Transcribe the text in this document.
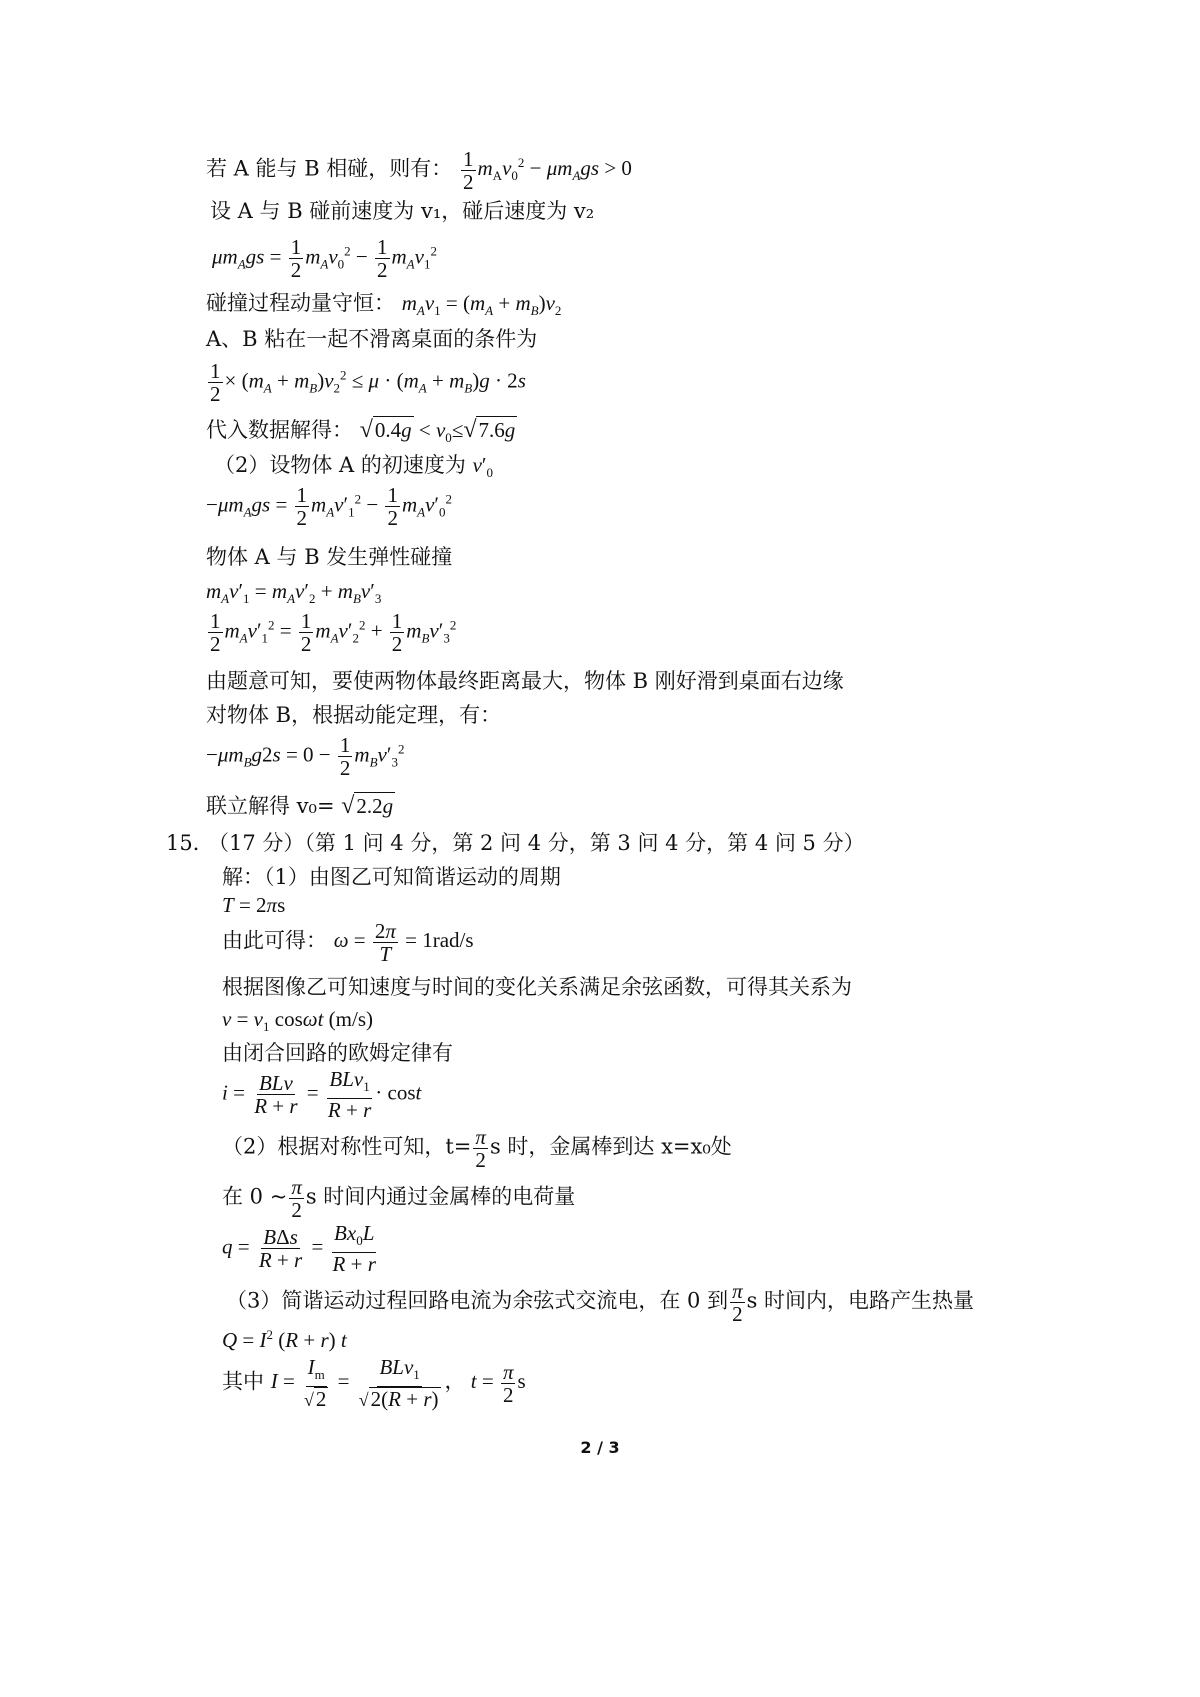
若 A 能与 B 相碰，则有： $\frac{1}{2} m_Av_0^2 - \mu m_Ags > 0$
设 A 与 B 碰前速度为 v₁，碰后速度为 v₂
$\mu m_Ags = \frac{1}{2} m_Av_0^2 - \frac{1}{2} m_Av_1^2$
碰撞过程动量守恒： $m_Av_1 = (m_A + m_B)v_2$
A、B 粘在一起不滑离桌面的条件为
$\frac{1}{2} \times (m_A + m_B)v_2^2 \le \mu \cdot (m_A + m_B)g \cdot 2s$
代入数据解得： $√0.4g < v_0\le√7.6g$
（2）设物体 A 的初速度为 $v'_0$
$-\mu m_Ags = \frac{1}{2} m_Av'_1^2 - \frac{1}{2} m_Av'_0^2$
物体 A 与 B 发生弹性碰撞
$m_Av'_1 = m_Av'_2 + m_Bv'_3$
$\frac{1}{2} m_Av'_1^2 = \frac{1}{2} m_Av'_2^2 + \frac{1}{2} m_Bv'_3^2$
由题意可知，要使两物体最终距离最大，物体 B 刚好滑到桌面右边缘
对物体 B，根据动能定理，有：
$-\mu m_Bg2s = 0 - \frac{1}{2} m_Bv'_3^2$
联立解得 v₀= √2.2g
15．
（17 分）（第 1 问 4 分，第 2 问 4 分，第 3 问 4 分，第 4 问 5 分）
解：（1）由图乙可知简谐运动的周期
T = 2πs
由此可得： $\omega = \frac{2\pi}{T} = 1rad/s$
根据图像乙可知速度与时间的变化关系满足余弦函数，可得其关系为
$v = v_1$ cosωt (m/s)
由闭合回路的欧姆定律有
$i = \frac{\text{BLv}}{R + r} = \frac{BLv_1}{R + r} \cdot \cos t$
（2）根据对称性可知，$t= \frac{\pi}{2}$ s 时，金属棒到达 x=x₀处
在 0 ~ $\frac{\pi}{2}$ s 时间内通过金属棒的电荷量
$q = \frac{\text{BΔs}}{R + r} = \frac{Bx_0L}{R + r}$
（3）简谐运动过程回路电流为余弦式交流电，在 0 到 $\frac{\pi}{2}$ s 时间内，电路产生热量
$Q = I^2$ (R + r) t
其中 $I = \frac{I_m}{√2} = \frac{BLv_1}{√2(R + r)}$ ， $t = \frac{\pi}{2}$ s
2 / 3
